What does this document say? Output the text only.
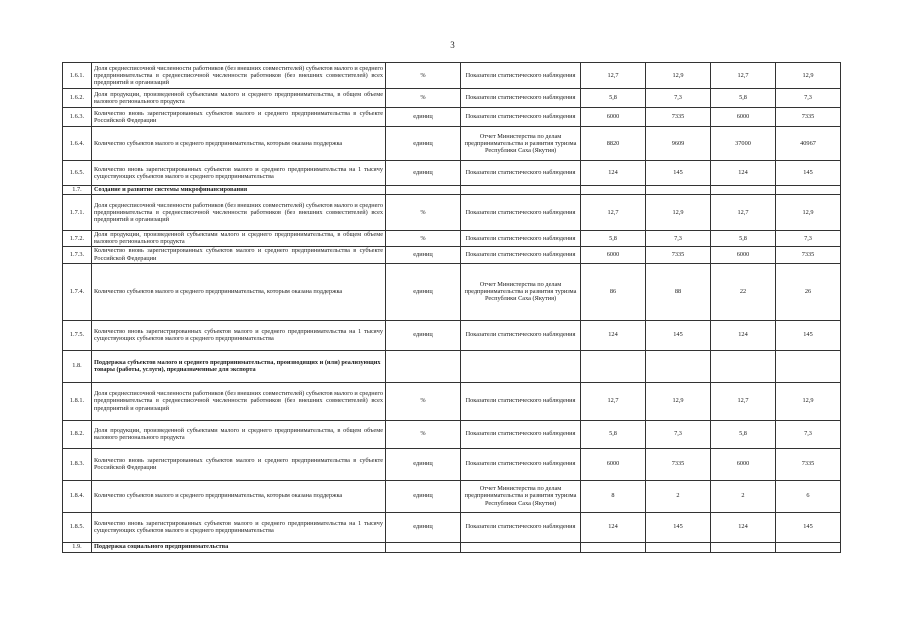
3
1.6.1.	Доля среднесписочной численности работников (без внешних совместителей) субъектов малого и среднего предпринимательства в среднесписочной численности работников (без внешних совместителей) всех предприятий и организаций	%	Показатели статистического наблюдения	12,7	12,9	12,7	12,9
1.6.2.	Доля продукции, произведенной субъектами малого и среднего предпринимательства, в общем объеме валового регионального продукта	%	Показатели статистического наблюдения	5,8	7,3	5,8	7,3
1.6.3.	Количество вновь зарегистрированных субъектов малого и среднего предпринимательства в субъекте Российской Федерации	единиц	Показатели статистического наблюдения	6000	7335	6000	7335
1.6.4.	Количество субъектов малого и среднего предпринимательства, которым оказана поддержка	единиц	Отчет Министерства по делам предпринимательства и развития туризма Республики Саха (Якутия)	8820	9609	37000	40967
1.6.5.	Количество вновь зарегистрированных субъектов малого и среднего предпринимательства на 1 тысячу существующих субъектов малого и среднего предпринимательства	единиц	Показатели статистического наблюдения	124	145	124	145
1.7.	Создание и развитие системы микрофинансирования						
1.7.1.	Доля среднесписочной численности работников (без внешних совместителей) субъектов малого и среднего предпринимательства в среднесписочной численности работников (без внешних совместителей) всех предприятий и организаций	%	Показатели статистического наблюдения	12,7	12,9	12,7	12,9
1.7.2.	Доля продукции, произведенной субъектами малого и среднего предпринимательства, в общем объеме валового регионального продукта	%	Показатели статистического наблюдения	5,8	7,3	5,8	7,3
1.7.3.	Количество вновь зарегистрированных субъектов малого и среднего предпринимательства в субъекте Российской Федерации	единиц	Показатели статистического наблюдения	6000	7335	6000	7335
1.7.4.	Количество субъектов малого и среднего предпринимательства, которым оказана поддержка	единиц	Отчет Министерства по делам предпринимательства и развития туризма Республики Саха (Якутия)	86	88	22	26
1.7.5.	Количество вновь зарегистрированных субъектов малого и среднего предпринимательства на 1 тысячу существующих субъектов малого и среднего предпринимательства	единиц	Показатели статистического наблюдения	124	145	124	145
1.8.	Поддержка субъектов малого и среднего предпринимательства, производящих и (или) реализующих товары (работы, услуги), предназначенные для экспорта						
1.8.1.	Доля среднесписочной численности работников (без внешних совместителей) субъектов малого и среднего предпринимательства в среднесписочной численности работников (без внешних совместителей) всех предприятий и организаций	%	Показатели статистического наблюдения	12,7	12,9	12,7	12,9
1.8.2.	Доля продукции, произведенной субъектами малого и среднего предпринимательства, в общем объеме валового регионального продукта	%	Показатели статистического наблюдения	5,8	7,3	5,8	7,3
1.8.3.	Количество вновь зарегистрированных субъектов малого и среднего предпринимательства в субъекте Российской Федерации	единиц	Показатели статистического наблюдения	6000	7335	6000	7335
1.8.4.	Количество субъектов малого и среднего предпринимательства, которым оказана поддержка	единиц	Отчет Министерства по делам предпринимательства и развития туризма Республики Саха (Якутия)	8	2	2	6
1.8.5.	Количество вновь зарегистрированных субъектов малого и среднего предпринимательства на 1 тысячу существующих субъектов малого и среднего предпринимательства	единиц	Показатели статистического наблюдения	124	145	124	145
1.9.	Поддержка социального предпринимательства						
